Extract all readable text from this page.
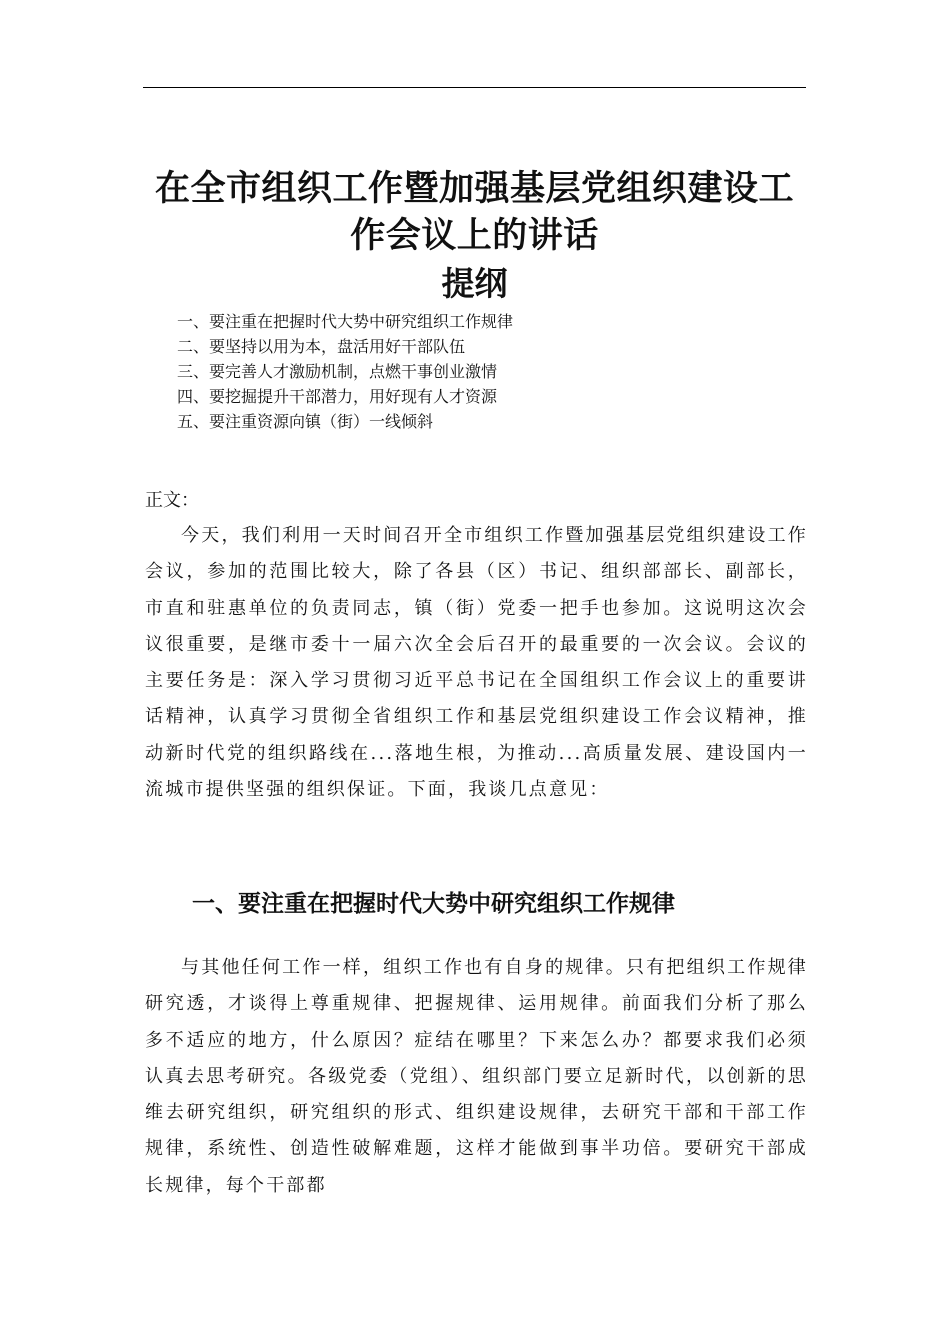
在全市组织工作暨加强基层党组织建设工
作会议上的讲话
提纲
一、要注重在把握时代大势中研究组织工作规律
二、要坚持以用为本，盘活用好干部队伍
三、要完善人才激励机制，点燃干事创业激情
四、要挖掘提升干部潜力，用好现有人才资源
五、要注重资源向镇（街）一线倾斜
正文：

今天，我们利用一天时间召开全市组织工作暨加强基层党组织建设工作会议，参加的范围比较大，除了各县（区）书记、组织部部长、副部长，市直和驻惠单位的负责同志，镇（街）党委一把手也参加。这说明这次会议很重要，是继市委十一届六次全会后召开的最重要的一次会议。会议的主要任务是：深入学习贯彻习近平总书记在全国组织工作会议上的重要讲话精神，认真学习贯彻全省组织工作和基层党组织建设工作会议精神，推动新时代党的组织路线在...落地生根，为推动...高质量发展、建设国内一流城市提供坚强的组织保证。下面，我谈几点意见：

一、要注重在把握时代大势中研究组织工作规律

与其他任何工作一样，组织工作也有自身的规律。只有把组织工作规律研究透，才谈得上尊重规律、把握规律、运用规律。前面我们分析了那么多不适应的地方，什么原因？症结在哪里？下来怎么办？都要求我们必须认真去思考研究。各级党委（党组）、组织部门要立足新时代，以创新的思维去研究组织，研究组织的形式、组织建设规律，去研究干部和干部工作规律，系统性、创造性破解难题，这样才能做到事半功倍。要研究干部成长规律，每个干部都
